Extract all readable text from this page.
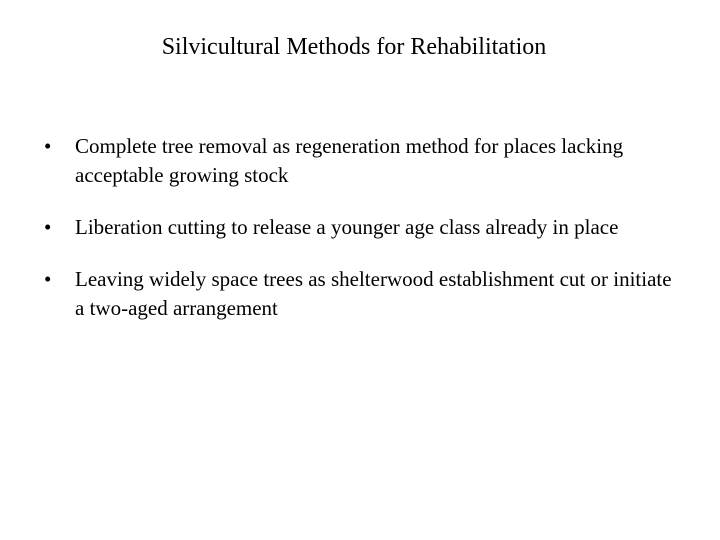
Silvicultural Methods for Rehabilitation
•	Complete tree removal as regeneration method for places lacking acceptable growing stock
•	Liberation cutting to release a younger age class already in place
•	Leaving widely space trees as shelterwood establishment cut or initiate a two-aged arrangement
